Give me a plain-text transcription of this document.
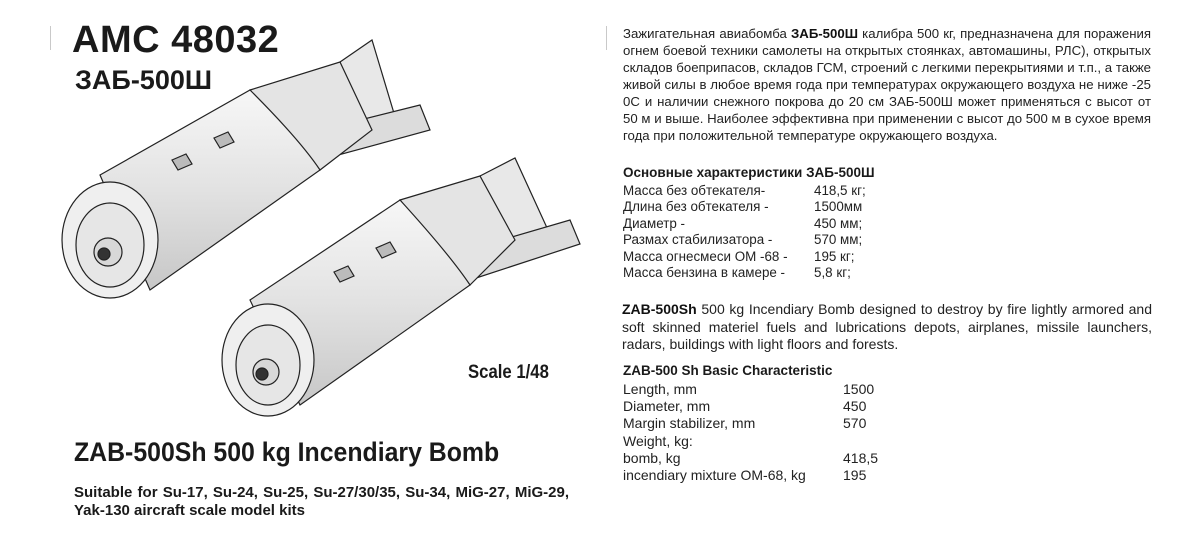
АМС 48032
ЗАБ-500Ш
Scale 1/48
ZAB-500Sh 500 kg Incendiary Bomb
Suitable for Su-17, Su-24, Su-25, Su-27/30/35, Su-34, MiG-27, MiG-29, Yak-130 aircraft scale model kits
Зажигательная авиабомба ЗАБ-500Ш калибра 500 кг, предназначена для поражения огнем боевой техники самолеты на открытых стоянках, автомашины, РЛС), открытых складов боеприпасов, складов ГСМ, строений с легкими перекрытиями и т.п., а также живой силы в любое время года при температурах окружающего воздуха не ниже -25 0С и наличии снежного покрова до 20 см ЗАБ-500Ш может применяться с высот от 50 м и выше. Наиболее эффективна при применении с высот до 500 м в сухое время года при положительной температуре окружающего воздуха.
Основные характеристики ЗАБ-500Ш
Масса без обтекателя-	418,5 кг;
Длина без обтекателя -	1500мм
Диаметр -	450 мм;
Размах стабилизатора -	570 мм;
Масса огнесмеси ОМ -68 -	195 кг;
Масса бензина в камере -	5,8 кг;
ZAB-500Sh 500 kg Incendiary Bomb designed to destroy by fire lightly armored and soft skinned materiel fuels and lubrications depots, airplanes, missile launchers, radars, buildings with light floors and forests.
ZAB-500 Sh Basic Characteristic
Length, mm	1500
Diameter, mm	450
Margin stabilizer, mm	570
Weight, kg:
bomb, kg	418,5
incendiary mixture OM-68, kg	195
